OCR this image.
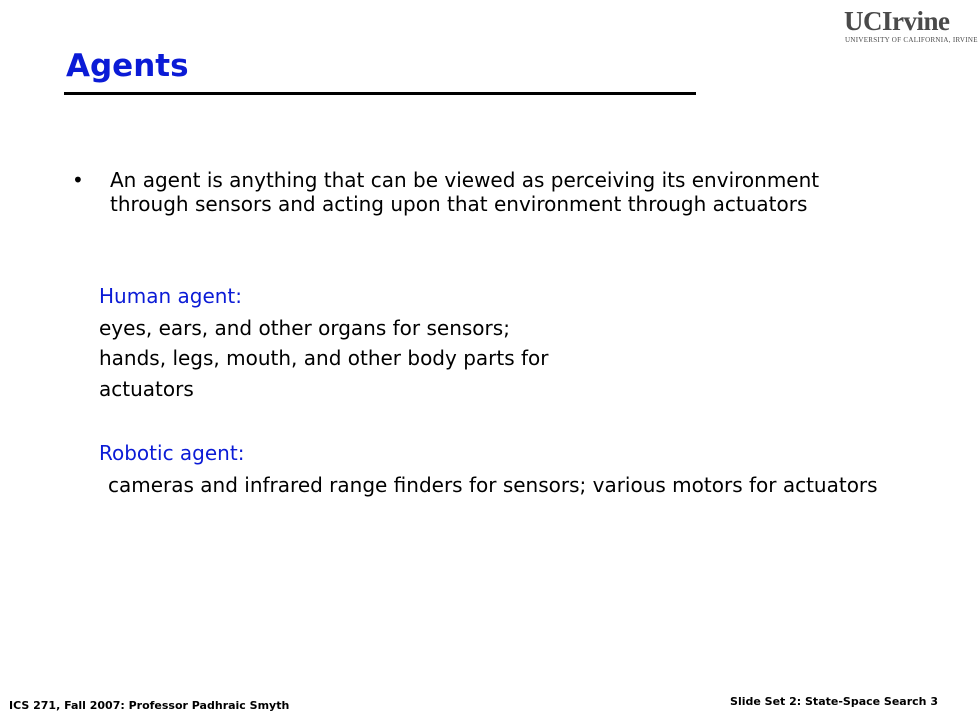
UCIrvine
UNIVERSITY OF CALIFORNIA, IRVINE
Agents
• An agent is anything that can be viewed as perceiving its environment through sensors and acting upon that environment through actuators
Human agent:
eyes, ears, and other organs for sensors;
hands, legs, mouth, and other body parts for
actuators
Robotic agent:
cameras and infrared range finders for sensors; various motors for actuators
ICS 271, Fall 2007: Professor Padhraic Smyth	Slide Set 2: State-Space Search 3
